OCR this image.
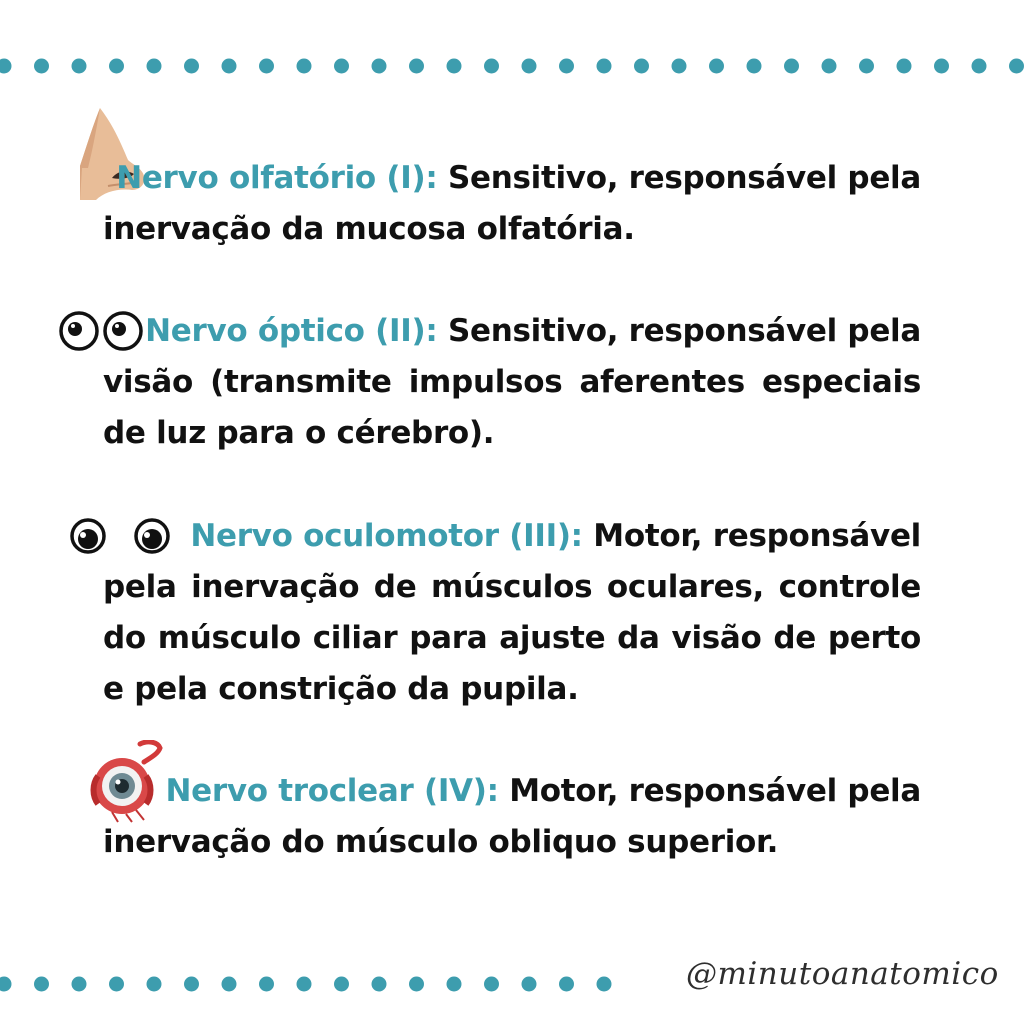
Nervo olfatório (I): Sensitivo, responsável pela
inervação da mucosa olfatória.
Nervo óptico (II): Sensitivo, responsável pela
visão (transmite impulsos aferentes especiais de luz para o cérebro).
Nervo oculomotor (III): Motor, responsável
pela inervação de músculos oculares, controle do músculo ciliar para ajuste da visão de perto e pela constrição da pupila.
Nervo troclear (IV): Motor, responsável pela
inervação do músculo obliquo superior.
@minutoanatomico
